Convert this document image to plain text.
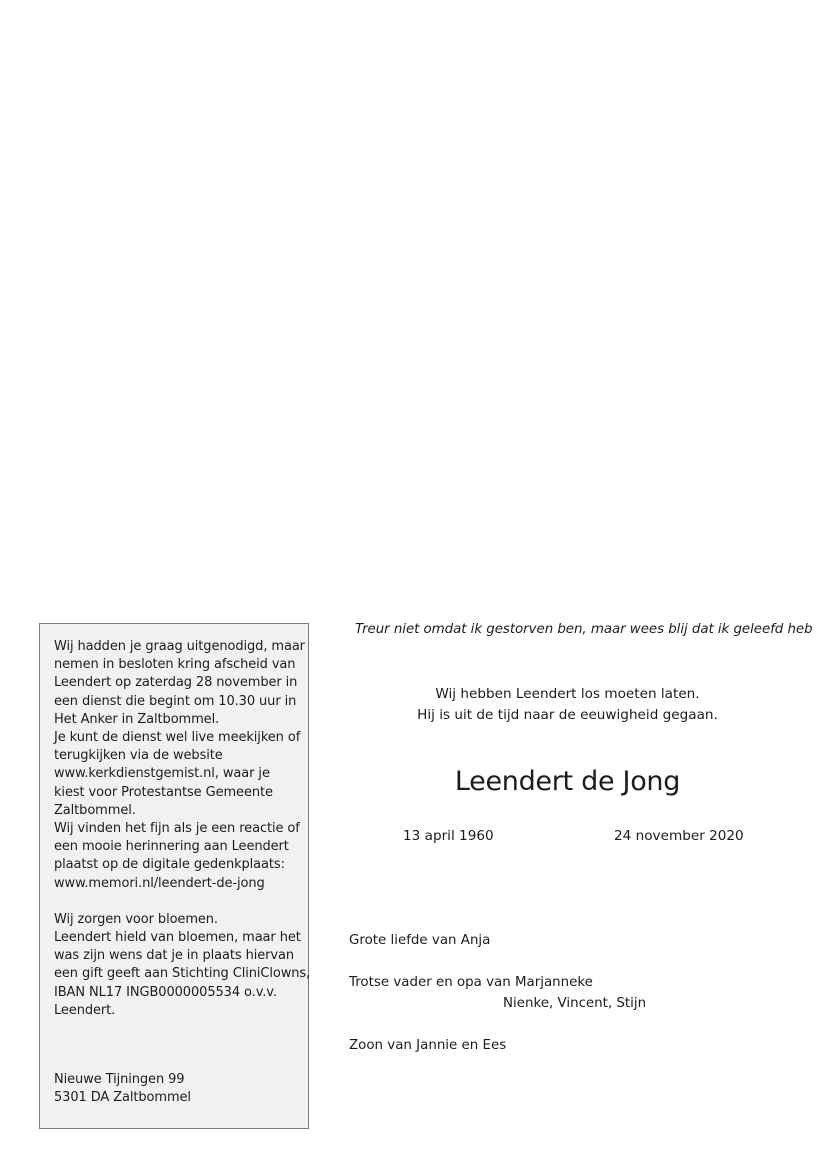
Wij hadden je graag uitgenodigd, maar
nemen in besloten kring afscheid van
Leendert op zaterdag 28 november in
een dienst die begint om 10.30 uur in
Het Anker in Zaltbommel.
Je kunt de dienst wel live meekijken of
terugkijken via de website
www.kerkdienstgemist.nl, waar je
kiest voor Protestantse Gemeente
Zaltbommel.
Wij vinden het fijn als je een reactie of
een mooie herinnering aan Leendert
plaatst op de digitale gedenkplaats:
www.memori.nl/leendert-de-jong
Wij zorgen voor bloemen.
Leendert hield van bloemen, maar het
was zijn wens dat je in plaats hiervan
een gift geeft aan Stichting CliniClowns,
IBAN NL17 INGB0000005534 o.v.v.
Leendert.
Nieuwe Tijningen 99
5301 DA Zaltbommel
Treur niet omdat ik gestorven ben, maar wees blij dat ik geleefd heb
Wij hebben Leendert los moeten laten.
Hij is uit de tijd naar de eeuwigheid gegaan.
Leendert de Jong
13 april 1960	24 november 2020
Grote liefde van Anja
Trotse vader en opa van Marjanneke
Nienke, Vincent, Stijn
Zoon van Jannie en Ees
